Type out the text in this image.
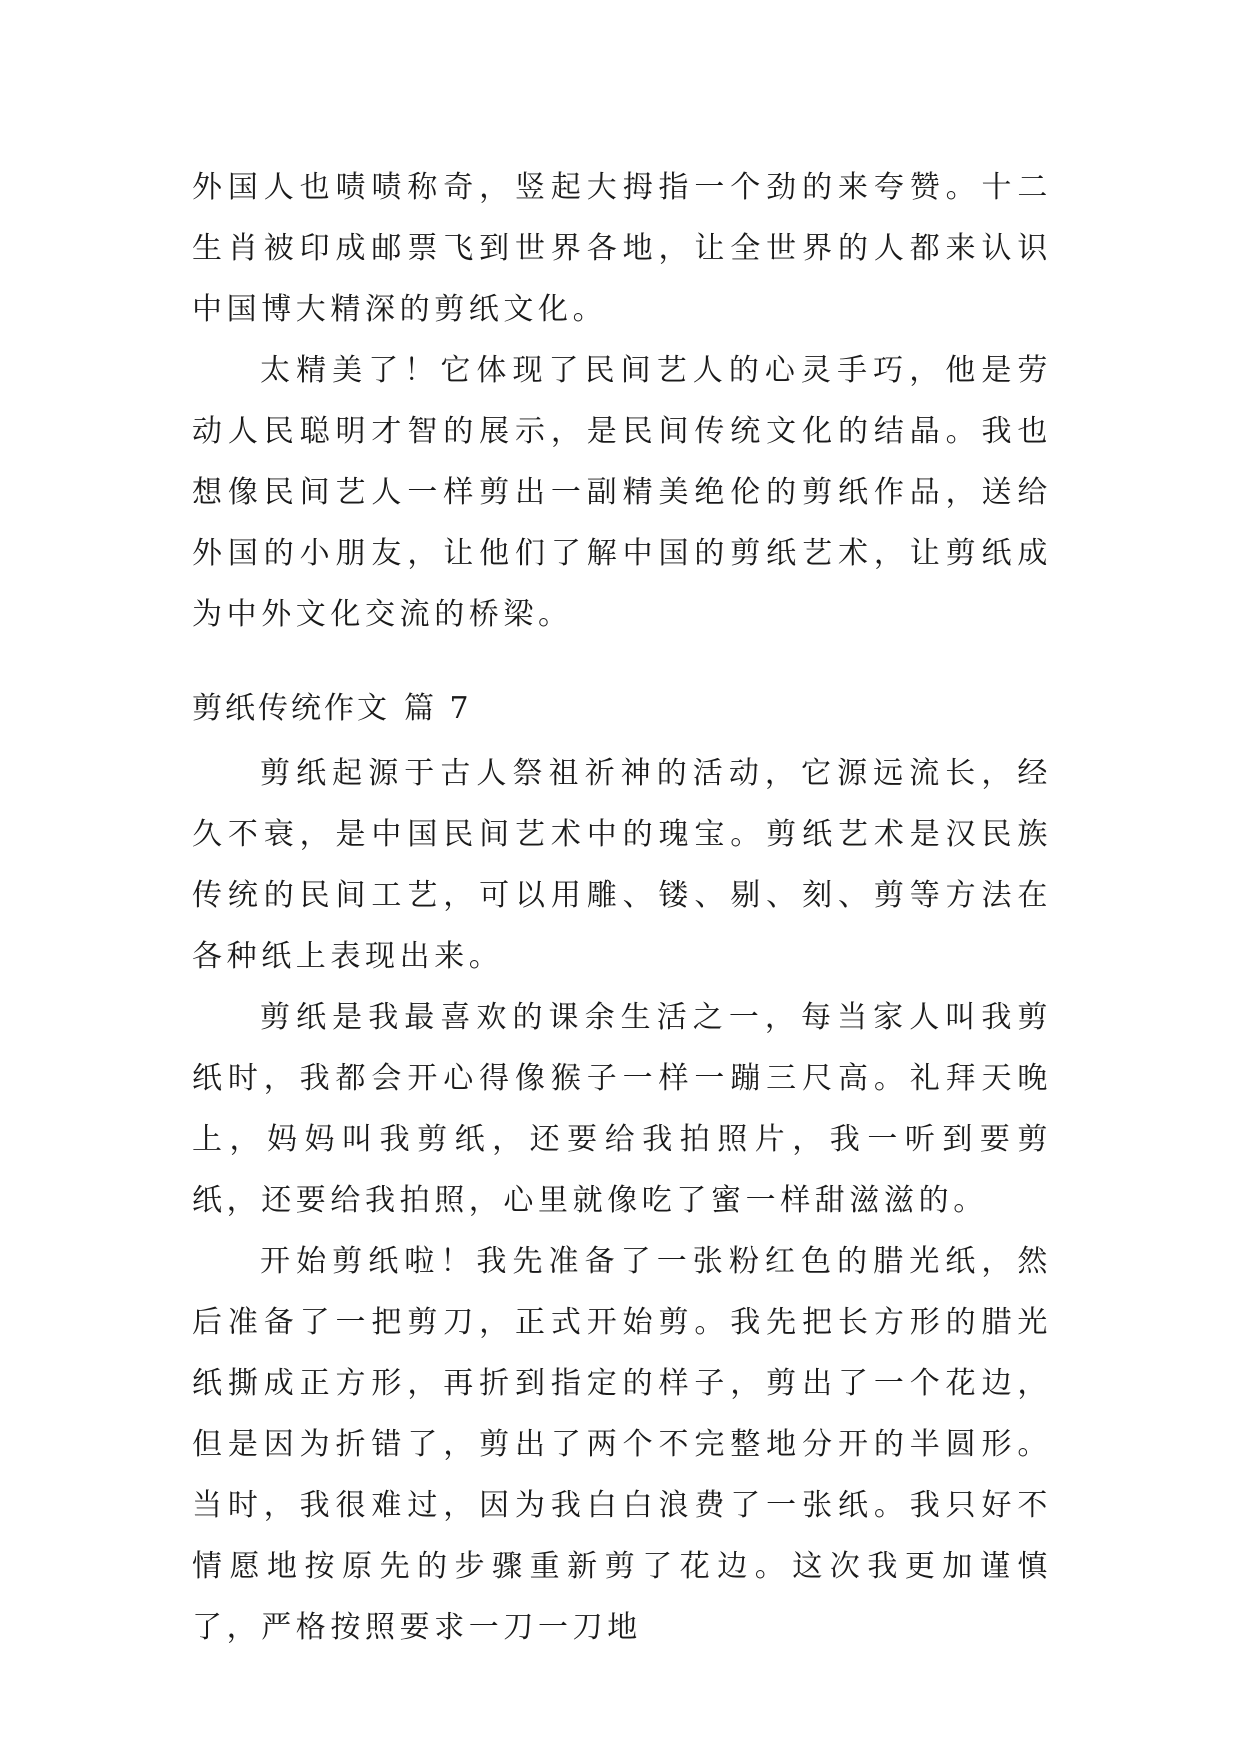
外国人也啧啧称奇，竖起大拇指一个劲的来夸赞。十二生肖被印成邮票飞到世界各地，让全世界的人都来认识中国博大精深的剪纸文化。

太精美了！它体现了民间艺人的心灵手巧，他是劳动人民聪明才智的展示，是民间传统文化的结晶。我也想像民间艺人一样剪出一副精美绝伦的剪纸作品，送给外国的小朋友，让他们了解中国的剪纸艺术，让剪纸成为中外文化交流的桥梁。

剪纸传统作文 篇 7

剪纸起源于古人祭祖祈神的活动，它源远流长，经久不衰，是中国民间艺术中的瑰宝。剪纸艺术是汉民族传统的民间工艺，可以用雕、镂、剔、刻、剪等方法在各种纸上表现出来。

剪纸是我最喜欢的课余生活之一，每当家人叫我剪纸时，我都会开心得像猴子一样一蹦三尺高。礼拜天晚上，妈妈叫我剪纸，还要给我拍照片，我一听到要剪纸，还要给我拍照，心里就像吃了蜜一样甜滋滋的。

开始剪纸啦！我先准备了一张粉红色的腊光纸，然后准备了一把剪刀，正式开始剪。我先把长方形的腊光纸撕成正方形，再折到指定的样子，剪出了一个花边，但是因为折错了，剪出了两个不完整地分开的半圆形。当时，我很难过，因为我白白浪费了一张纸。我只好不情愿地按原先的步骤重新剪了花边。这次我更加谨慎了，严格按照要求一刀一刀地
